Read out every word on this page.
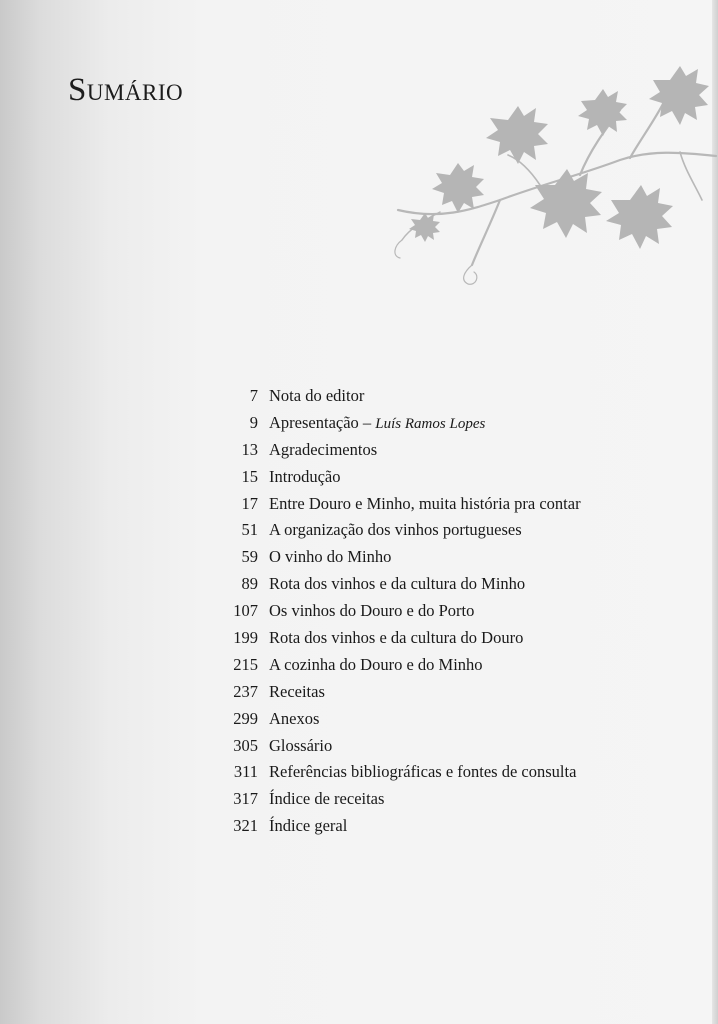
Sumário
7 Nota do editor
9 Apresentação – Luís Ramos Lopes
13 Agradecimentos
15 Introdução
17 Entre Douro e Minho, muita história pra contar
51 A organização dos vinhos portugueses
59 O vinho do Minho
89 Rota dos vinhos e da cultura do Minho
107 Os vinhos do Douro e do Porto
199 Rota dos vinhos e da cultura do Douro
215 A cozinha do Douro e do Minho
237 Receitas
299 Anexos
305 Glossário
311 Referências bibliográficas e fontes de consulta
317 Índice de receitas
321 Índice geral
